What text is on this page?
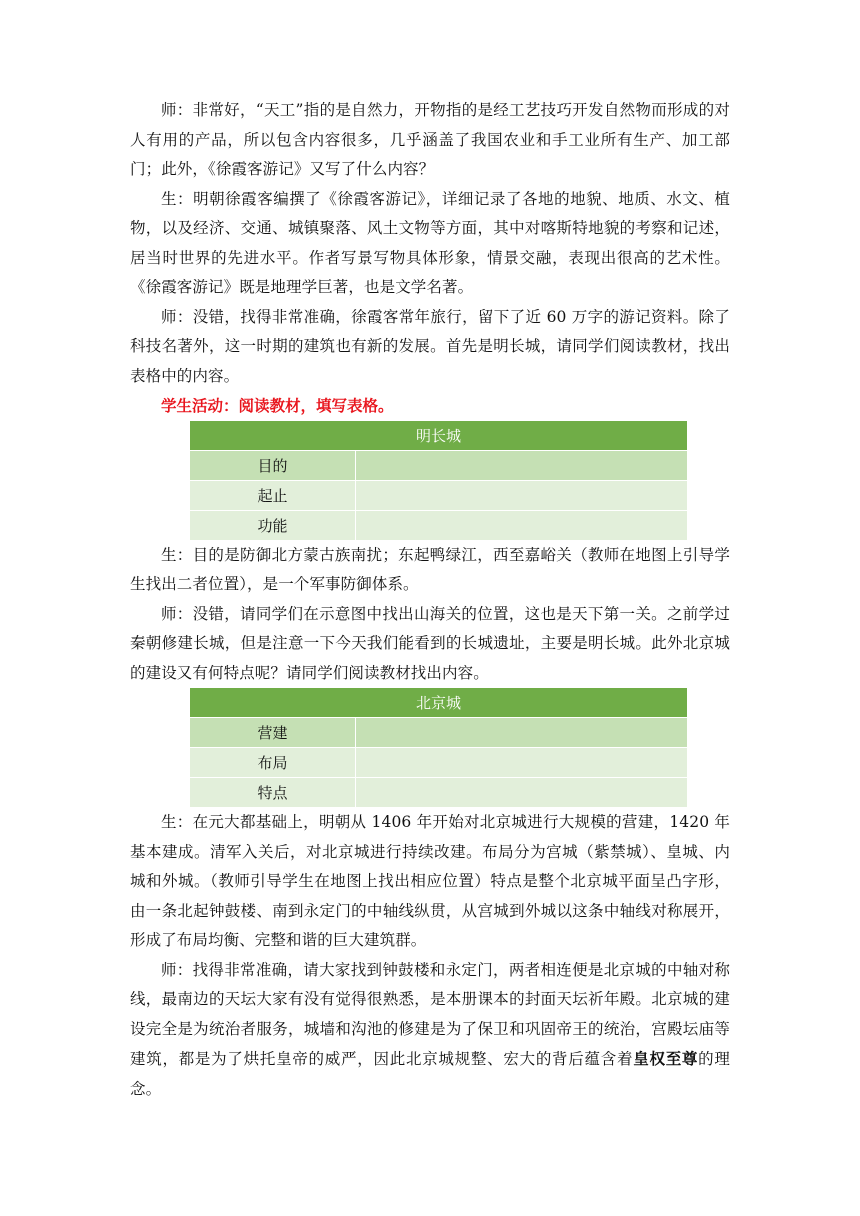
师：非常好，“天工”指的是自然力，开物指的是经工艺技巧开发自然物而形成的对人有用的产品，所以包含内容很多，几乎涵盖了我国农业和手工业所有生产、加工部门；此外，《徐霞客游记》又写了什么内容？

生：明朝徐霞客编撰了《徐霞客游记》，详细记录了各地的地貌、地质、水文、植物，以及经济、交通、城镇聚落、风土文物等方面，其中对喀斯特地貌的考察和记述，居当时世界的先进水平。作者写景写物具体形象，情景交融，表现出很高的艺术性。《徐霞客游记》既是地理学巨著，也是文学名著。

师：没错，找得非常准确，徐霞客常年旅行，留下了近 60 万字的游记资料。除了科技名著外，这一时期的建筑也有新的发展。首先是明长城，请同学们阅读教材，找出表格中的内容。

学生活动：阅读教材，填写表格。

明长城	
目的	
起止	
功能	

生：目的是防御北方蒙古族南扰；东起鸭绿江，西至嘉峪关（教师在地图上引导学生找出二者位置），是一个军事防御体系。

师：没错，请同学们在示意图中找出山海关的位置，这也是天下第一关。之前学过秦朝修建长城，但是注意一下今天我们能看到的长城遗址，主要是明长城。此外北京城的建设又有何特点呢？请同学们阅读教材找出内容。

北京城	
营建	
布局	
特点	

生：在元大都基础上，明朝从 1406 年开始对北京城进行大规模的营建，1420 年基本建成。清军入关后，对北京城进行持续改建。布局分为宫城（紫禁城）、皇城、内城和外城。（教师引导学生在地图上找出相应位置）特点是整个北京城平面呈凸字形，由一条北起钟鼓楼、南到永定门的中轴线纵贯，从宫城到外城以这条中轴线对称展开，形成了布局均衡、完整和谐的巨大建筑群。

师：找得非常准确，请大家找到钟鼓楼和永定门，两者相连便是北京城的中轴对称线，最南边的天坛大家有没有觉得很熟悉，是本册课本的封面天坛祈年殿。北京城的建设完全是为统治者服务，城墙和沟池的修建是为了保卫和巩固帝王的统治，宫殿坛庙等建筑，都是为了烘托皇帝的威严，因此北京城规整、宏大的背后蕴含着皇权至尊的理念。
